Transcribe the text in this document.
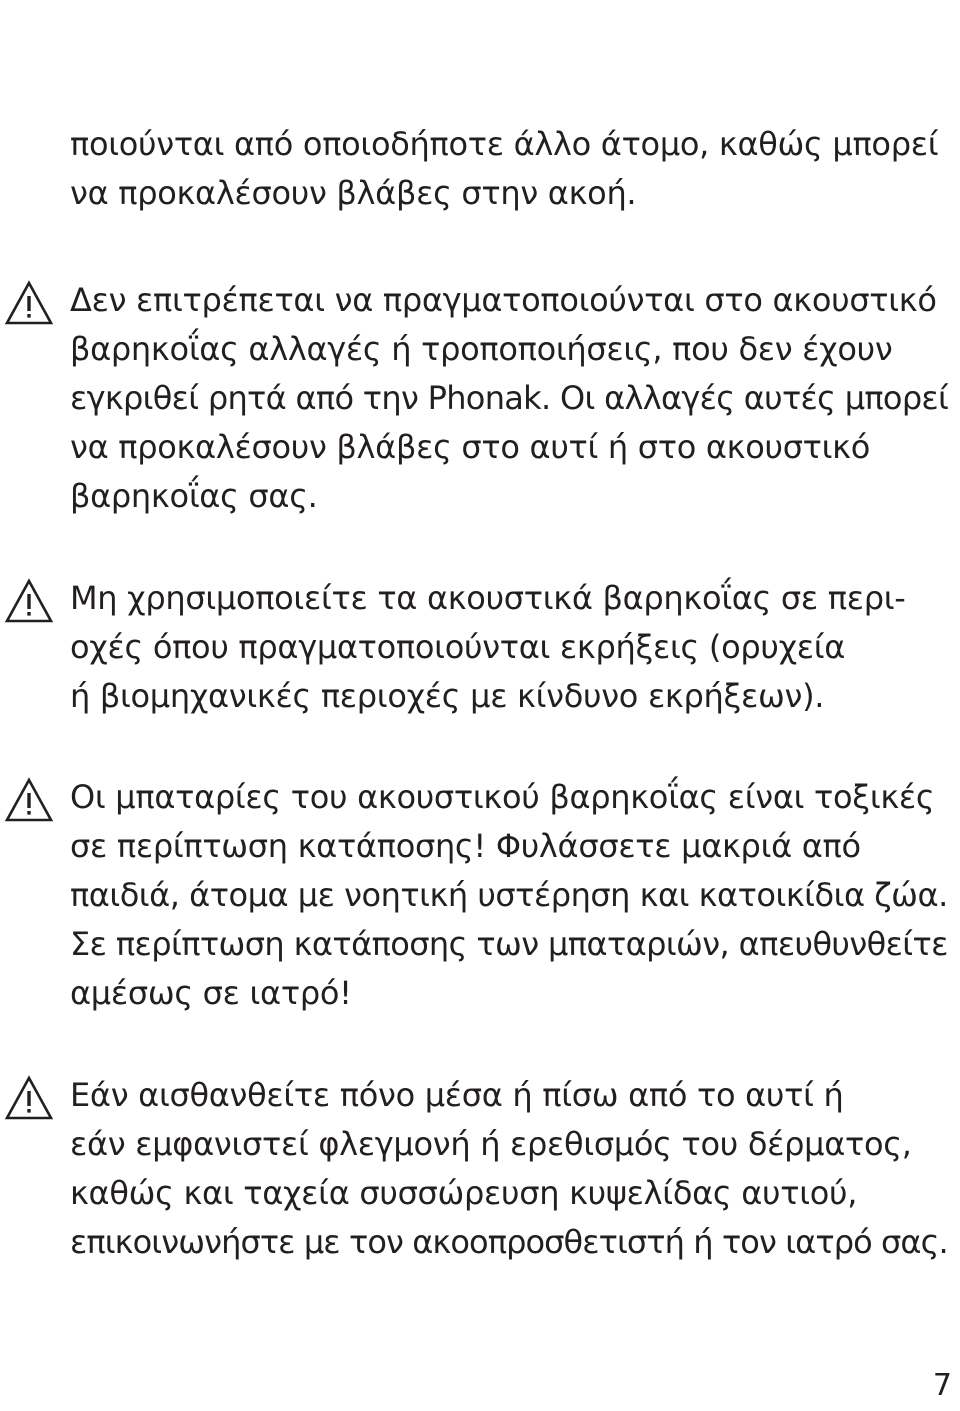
ποιούνται από οποιοδήποτε άλλο άτομο, καθώς μπορεί
να προκαλέσουν βλάβες στην ακοή.
Δεν επιτρέπεται να πραγματοποιούνται στο ακουστικό
βαρηκοΐας αλλαγές ή τροποποιήσεις, που δεν έχουν
εγκριθεί ρητά από την Phonak. Οι αλλαγές αυτές μπορεί
να προκαλέσουν βλάβες στο αυτί ή στο ακουστικό
βαρηκοΐας σας.
Μη χρησιμοποιείτε τα ακουστικά βαρηκοΐας σε περι-
οχές όπου πραγματοποιούνται εκρήξεις (ορυχεία
ή βιομηχανικές περιοχές με κίνδυνο εκρήξεων).
Οι μπαταρίες του ακουστικού βαρηκοΐας είναι τοξικές
σε περίπτωση κατάποσης! Φυλάσσετε μακριά από
παιδιά, άτομα με νοητική υστέρηση και κατοικίδια ζώα.
Σε περίπτωση κατάποσης των μπαταριών, απευθυνθείτε
αμέσως σε ιατρό!
Εάν αισθανθείτε πόνο μέσα ή πίσω από το αυτί ή
εάν εμφανιστεί φλεγμονή ή ερεθισμός του δέρματος,
καθώς και ταχεία συσσώρευση κυψελίδας αυτιού,
επικοινωνήστε με τον ακοοπροσθετιστή ή τον ιατρό σας.
7
